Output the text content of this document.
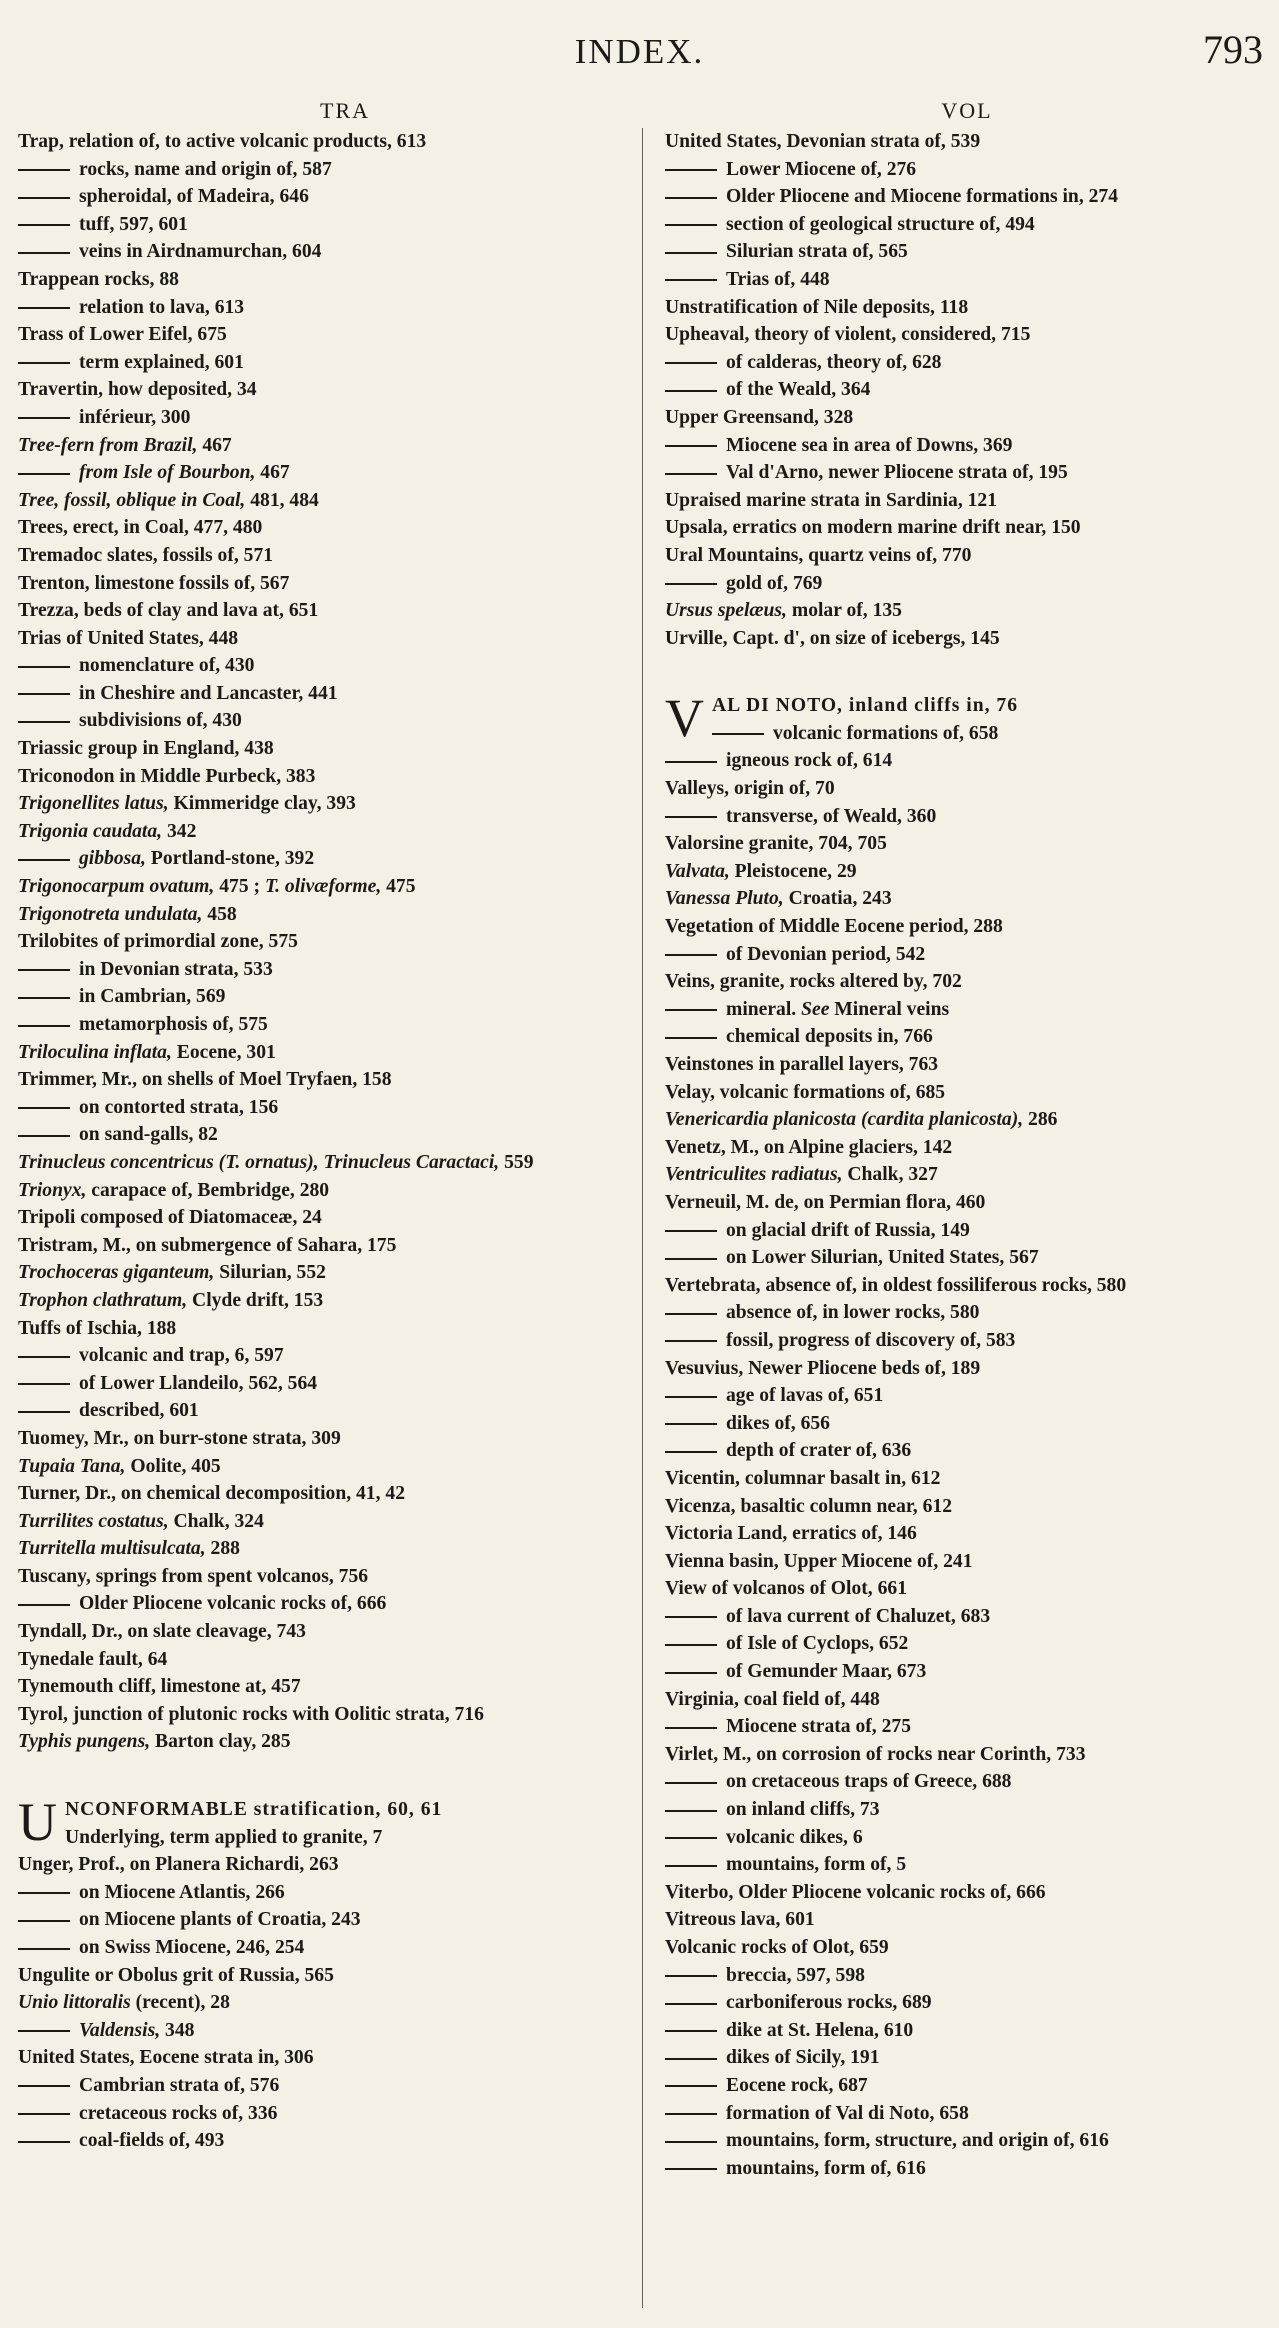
INDEX.	793
TRA
Trap, relation of, to active volcanic products, 613
rocks, name and origin of, 587
spheroidal, of Madeira, 646
tuff, 597, 601
veins in Airdnamurchan, 604
Trappean rocks, 88
relation to lava, 613
Trass of Lower Eifel, 675
term explained, 601
Travertin, how deposited, 34
inférieur, 300
Tree-fern from Brazil, 467
from Isle of Bourbon, 467
Tree, fossil, oblique in Coal, 481, 484
Trees, erect, in Coal, 477, 480
Tremadoc slates, fossils of, 571
Trenton, limestone fossils of, 567
Trezza, beds of clay and lava at, 651
Trias of United States, 448
nomenclature of, 430
in Cheshire and Lancaster, 441
subdivisions of, 430
Triassic group in England, 438
Triconodon in Middle Purbeck, 383
Trigonellites latus, Kimmeridge clay, 393
Trigonia caudata, 342
gibbosa, Portland-stone, 392
Trigonocarpum ovatum, 475 ; T. olivæforme, 475
Trigonotreta undulata, 458
Trilobites of primordial zone, 575
in Devonian strata, 533
in Cambrian, 569
metamorphosis of, 575
Triloculina inflata, Eocene, 301
Trimmer, Mr., on shells of Moel Tryfaen, 158
on contorted strata, 156
on sand-galls, 82
Trinucleus concentricus (T. ornatus), Trinucleus Caractaci, 559
Trionyx, carapace of, Bembridge, 280
Tripoli composed of Diatomaceæ, 24
Tristram, M., on submergence of Sahara, 175
Trochoceras giganteum, Silurian, 552
Trophon clathratum, Clyde drift, 153
Tuffs of Ischia, 188
volcanic and trap, 6, 597
of Lower Llandeilo, 562, 564
described, 601
Tuomey, Mr., on burr-stone strata, 309
Tupaia Tana, Oolite, 405
Turner, Dr., on chemical decomposition, 41, 42
Turrilites costatus, Chalk, 324
Turritella multisulcata, 288
Tuscany, springs from spent volcanos, 756
Older Pliocene volcanic rocks of, 666
Tyndall, Dr., on slate cleavage, 743
Tynedale fault, 64
Tynemouth cliff, limestone at, 457
Tyrol, junction of plutonic rocks with Oolitic strata, 716
Typhis pungens, Barton clay, 285
U NCONFORMABLE stratification, 60, 61
Underlying, term applied to granite, 7
Unger, Prof., on Planera Richardi, 263
on Miocene Atlantis, 266
on Miocene plants of Croatia, 243
on Swiss Miocene, 246, 254
Ungulite or Obolus grit of Russia, 565
Unio littoralis (recent), 28
Valdensis, 348
United States, Eocene strata in, 306
Cambrian strata of, 576
cretaceous rocks of, 336
coal-fields of, 493
VOL
United States, Devonian strata of, 539
Lower Miocene of, 276
Older Pliocene and Miocene formations in, 274
section of geological structure of, 494
Silurian strata of, 565
Trias of, 448
Unstratification of Nile deposits, 118
Upheaval, theory of violent, considered, 715
of calderas, theory of, 628
of the Weald, 364
Upper Greensand, 328
Miocene sea in area of Downs, 369
Val d'Arno, newer Pliocene strata of, 195
Upraised marine strata in Sardinia, 121
Upsala, erratics on modern marine drift near, 150
Ural Mountains, quartz veins of, 770
gold of, 769
Ursus spelæus, molar of, 135
Urville, Capt. d', on size of icebergs, 145
V AL DI NOTO, inland cliffs in, 76
volcanic formations of, 658
igneous rock of, 614
Valleys, origin of, 70
transverse, of Weald, 360
Valorsine granite, 704, 705
Valvata, Pleistocene, 29
Vanessa Pluto, Croatia, 243
Vegetation of Middle Eocene period, 288
of Devonian period, 542
Veins, granite, rocks altered by, 702
mineral. See Mineral veins
chemical deposits in, 766
Veinstones in parallel layers, 763
Velay, volcanic formations of, 685
Venericardia planicosta (cardita planicosta), 286
Venetz, M., on Alpine glaciers, 142
Ventriculites radiatus, Chalk, 327
Verneuil, M. de, on Permian flora, 460
on glacial drift of Russia, 149
on Lower Silurian, United States, 567
Vertebrata, absence of, in oldest fossiliferous rocks, 580
absence of, in lower rocks, 580
fossil, progress of discovery of, 583
Vesuvius, Newer Pliocene beds of, 189
age of lavas of, 651
dikes of, 656
depth of crater of, 636
Vicentin, columnar basalt in, 612
Vicenza, basaltic column near, 612
Victoria Land, erratics of, 146
Vienna basin, Upper Miocene of, 241
View of volcanos of Olot, 661
of lava current of Chaluzet, 683
of Isle of Cyclops, 652
of Gemunder Maar, 673
Virginia, coal field of, 448
Miocene strata of, 275
Virlet, M., on corrosion of rocks near Corinth, 733
on cretaceous traps of Greece, 688
on inland cliffs, 73
volcanic dikes, 6
mountains, form of, 5
Viterbo, Older Pliocene volcanic rocks of, 666
Vitreous lava, 601
Volcanic rocks of Olot, 659
breccia, 597, 598
carboniferous rocks, 689
dike at St. Helena, 610
dikes of Sicily, 191
Eocene rock, 687
formation of Val di Noto, 658
mountains, form, structure, and origin of, 616
mountains, form of, 616
